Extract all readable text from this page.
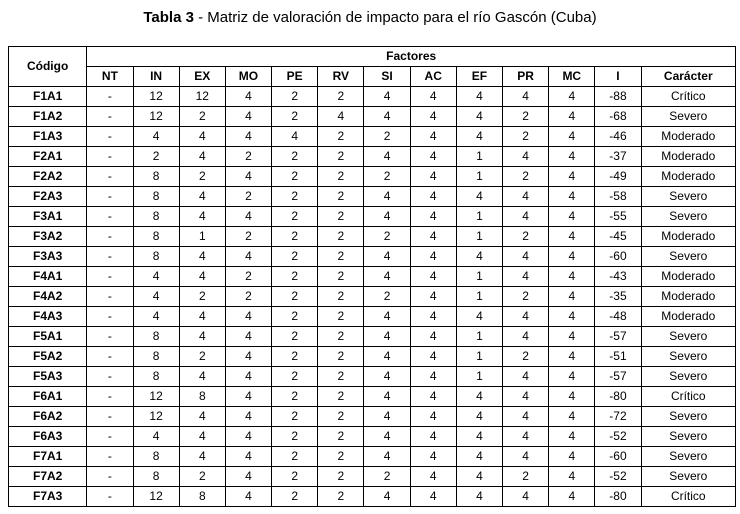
Tabla 3 - Matriz de valoración de impacto para el río Gascón (Cuba)
Código	Factores												
	NT	IN	EX	MO	PE	RV	SI	AC	EF	PR	MC	I	Carácter
F1A1	-	12	12	4	2	2	4	4	4	4	4	-88	Crítico
F1A2	-	12	2	4	2	4	4	4	4	2	4	-68	Severo
F1A3	-	4	4	4	4	2	2	4	4	2	4	-46	Moderado
F2A1	-	2	4	2	2	2	4	4	1	4	4	-37	Moderado
F2A2	-	8	2	4	2	2	2	4	1	2	4	-49	Moderado
F2A3	-	8	4	2	2	2	4	4	4	4	4	-58	Severo
F3A1	-	8	4	4	2	2	4	4	1	4	4	-55	Severo
F3A2	-	8	1	2	2	2	2	4	1	2	4	-45	Moderado
F3A3	-	8	4	4	2	2	4	4	4	4	4	-60	Severo
F4A1	-	4	4	2	2	2	4	4	1	4	4	-43	Moderado
F4A2	-	4	2	2	2	2	2	4	1	2	4	-35	Moderado
F4A3	-	4	4	4	2	2	4	4	4	4	4	-48	Moderado
F5A1	-	8	4	4	2	2	4	4	1	4	4	-57	Severo
F5A2	-	8	2	4	2	2	4	4	1	2	4	-51	Severo
F5A3	-	8	4	4	2	2	4	4	1	4	4	-57	Severo
F6A1	-	12	8	4	2	2	4	4	4	4	4	-80	Crítico
F6A2	-	12	4	4	2	2	4	4	4	4	4	-72	Severo
F6A3	-	4	4	4	2	2	4	4	4	4	4	-52	Severo
F7A1	-	8	4	4	2	2	4	4	4	4	4	-60	Severo
F7A2	-	8	2	4	2	2	2	4	4	2	4	-52	Severo
F7A3	-	12	8	4	2	2	4	4	4	4	4	-80	Crítico
